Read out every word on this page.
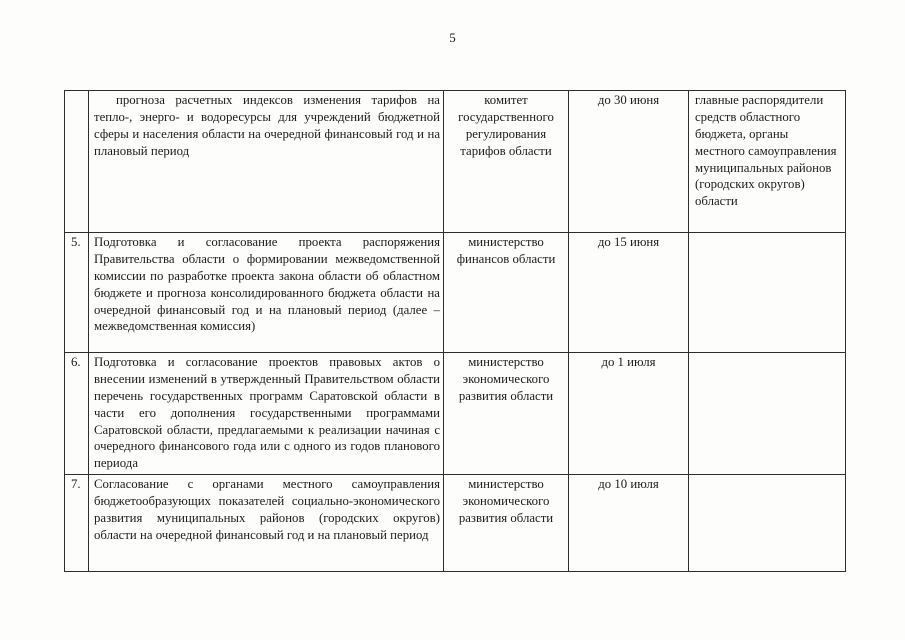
5
	прогноза расчетных индексов изменения тарифов на тепло-, энерго- и водоресурсы для учреждений бюджетной сферы и населения области на очередной финансовый год и на плановый период	комитет государственного регулирования тарифов области	до 30 июня	главные распорядители средств областного бюджета, органы местного самоуправления муниципальных районов (городских округов) области
5.	Подготовка и согласование проекта распоряжения Правительства области о формировании межведомственной комиссии по разработке проекта закона области об областном бюджете и прогноза консолидированного бюджета области на очередной финансовый год и на плановый период (далее – межведомственная комиссия)	министерство финансов области	до 15 июня	
6.	Подготовка и согласование проектов правовых актов о внесении изменений в утвержденный Правительством области перечень государственных программ Саратовской области в части его дополнения государственными программами Саратовской области, предлагаемыми к реализации начиная с очередного финансового года или с одного из годов планового периода	министерство экономического развития области	до 1 июля	
7.	Согласование с органами местного самоуправления бюджетообразующих показателей социально-экономического развития муниципальных районов (городских округов) области на очередной финансовый год и на плановый период	министерство экономического развития области	до 10 июля	
